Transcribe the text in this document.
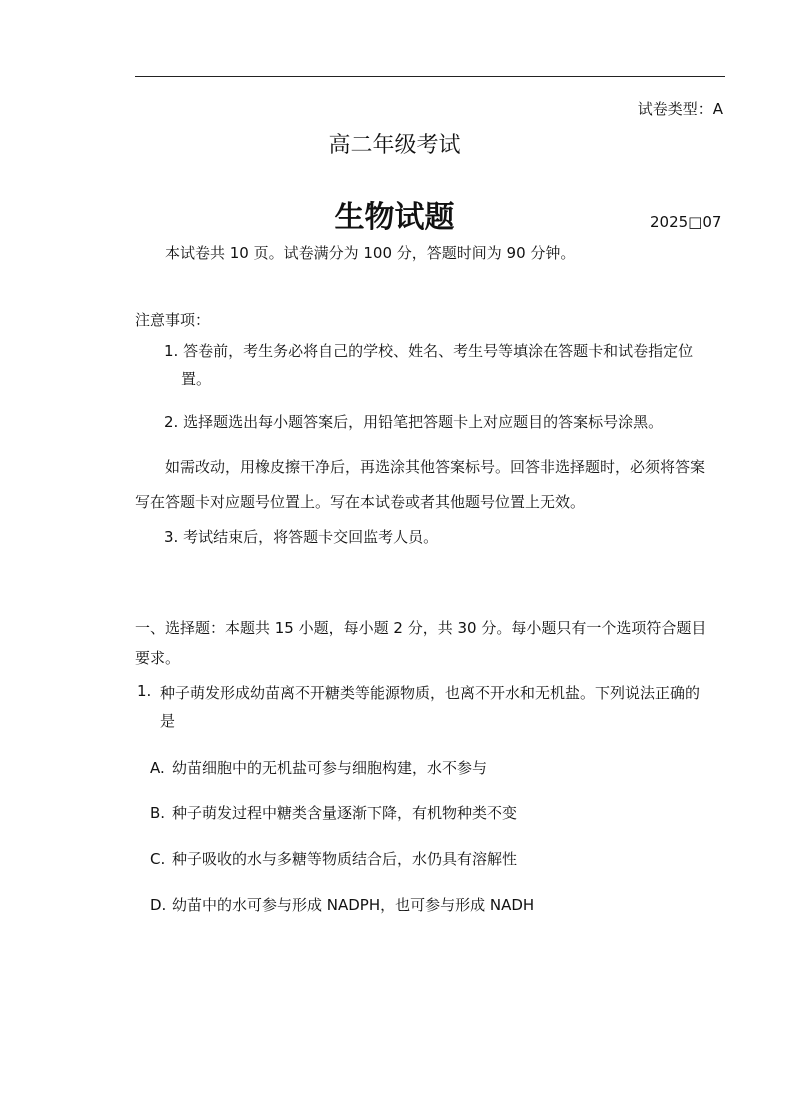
试卷类型：A
高二年级考试
生物试题	2025□07
本试卷共 10 页。试卷满分为 100 分，答题时间为 90 分钟。
注意事项：
1. 答卷前，考生务必将自己的学校、姓名、考生号等填涂在答题卡和试卷指定位
置。
2. 选择题选出每小题答案后，用铅笔把答题卡上对应题目的答案标号涂黑。
如需改动，用橡皮擦干净后，再选涂其他答案标号。回答非选择题时，必须将答案
写在答题卡对应题号位置上。写在本试卷或者其他题号位置上无效。
3. 考试结束后，将答题卡交回监考人员。
一、选择题：本题共 15 小题，每小题 2 分，共 30 分。每小题只有一个选项符合题目
要求。
1. 种子萌发形成幼苗离不开糖类等能源物质，也离不开水和无机盐。下列说法正确的
是
A. 幼苗细胞中的无机盐可参与细胞构建，水不参与
B. 种子萌发过程中糖类含量逐渐下降，有机物种类不变
C. 种子吸收的水与多糖等物质结合后，水仍具有溶解性
D. 幼苗中的水可参与形成 NADPH，也可参与形成 NADH
